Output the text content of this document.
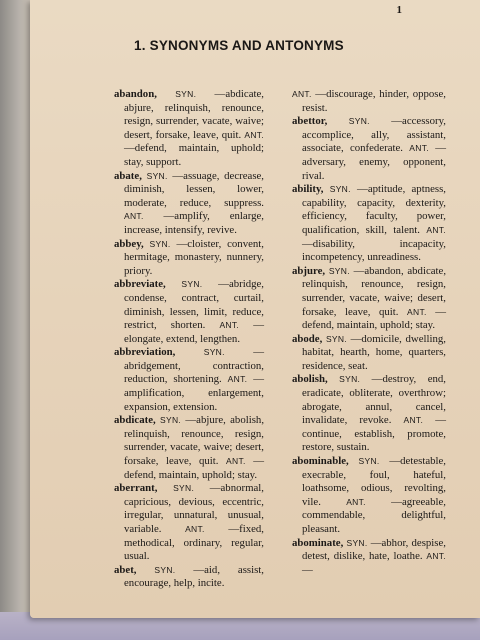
1
1. SYNONYMS AND ANTONYMS
abandon, SYN. —abdicate, abjure, relinquish, renounce, resign, surrender, vacate, waive; desert, forsake, leave, quit. ANT. —defend, maintain, uphold; stay, support.
abate, SYN. —assuage, decrease, diminish, lessen, lower, moderate, reduce, suppress. ANT. —amplify, enlarge, increase, intensify, revive.
abbey, SYN. —cloister, convent, hermitage, monastery, nunnery, priory.
abbreviate, SYN. —abridge, condense, contract, curtail, diminish, lessen, limit, reduce, restrict, shorten. ANT. —elongate, extend, lengthen.
abbreviation,	SYN.	—abridgement, contraction, reduction, shortening. ANT. —amplification, enlargement, expansion, extension.
abdicate, SYN. —abjure, abolish, relinquish, renounce, resign, surrender, vacate, waive; desert, forsake, leave, quit. ANT. —defend, maintain, uphold; stay.
aberrant, SYN. —abnormal, capricious, devious, eccentric, irregular, unnatural, unusual, variable.	ANT. —fixed, methodical, ordinary, regular, usual.
abet, SYN. —aid, assist, encourage, help, incite.
ANT. —discourage, hinder, oppose, resist.
abettor,	SYN. —accessory, accomplice, ally, assistant, associate, confederate. ANT. —adversary, enemy, opponent, rival.
ability, SYN. —aptitude, aptness, capability, capacity, dexterity, efficiency, faculty, power, qualification, skill, talent. ANT. —disability, incapacity, incompetency, unreadiness.
abjure, SYN. —abandon, abdicate, relinquish, renounce, resign, surrender, vacate, waive; desert, forsake, leave, quit. ANT. —defend, maintain, uphold; stay.
abode, SYN. —domicile, dwelling, habitat, hearth, home, quarters, residence, seat.
abolish, SYN. —destroy, end, eradicate, obliterate, overthrow; abrogate, annul, cancel, invalidate, revoke. ANT. —continue, establish, promote, restore, sustain.
abominable, SYN. —detestable, execrable, foul, hateful, loathsome, odious, revolting, vile.	ANT. —agreeable, commendable, delightful, pleasant.
abominate, SYN. —abhor, despise, detest, dislike, hate, loathe. ANT. —
